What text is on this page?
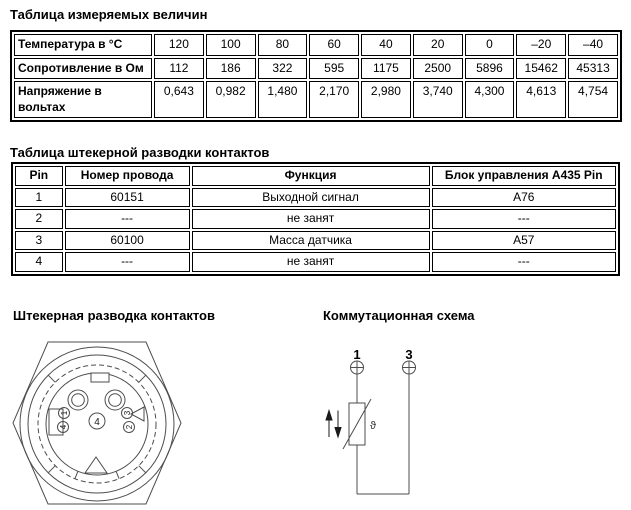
Таблица измеряемых величин
Температура в °С	120	100	80	60	40	20	0	–20	–40
Сопротивление в Ом	112	186	322	595	1175	2500	5896	15462	45313
Напряжение в вольтах	0,643	0,982	1,480	2,170	2,980	3,740	4,300	4,613	4,754
Таблица штекерной разводки контактов
Pin	Номер провода	Функция	Блок управления A435 Pin
1	60151	Выходной сигнал	A76
2	---	не занят	---
3	60100	Масса датчика	A57
4	---	не занят	---
Штекерная разводка контактов	Коммутационная схема
1
4
3
2
4
1	3
ϑ
